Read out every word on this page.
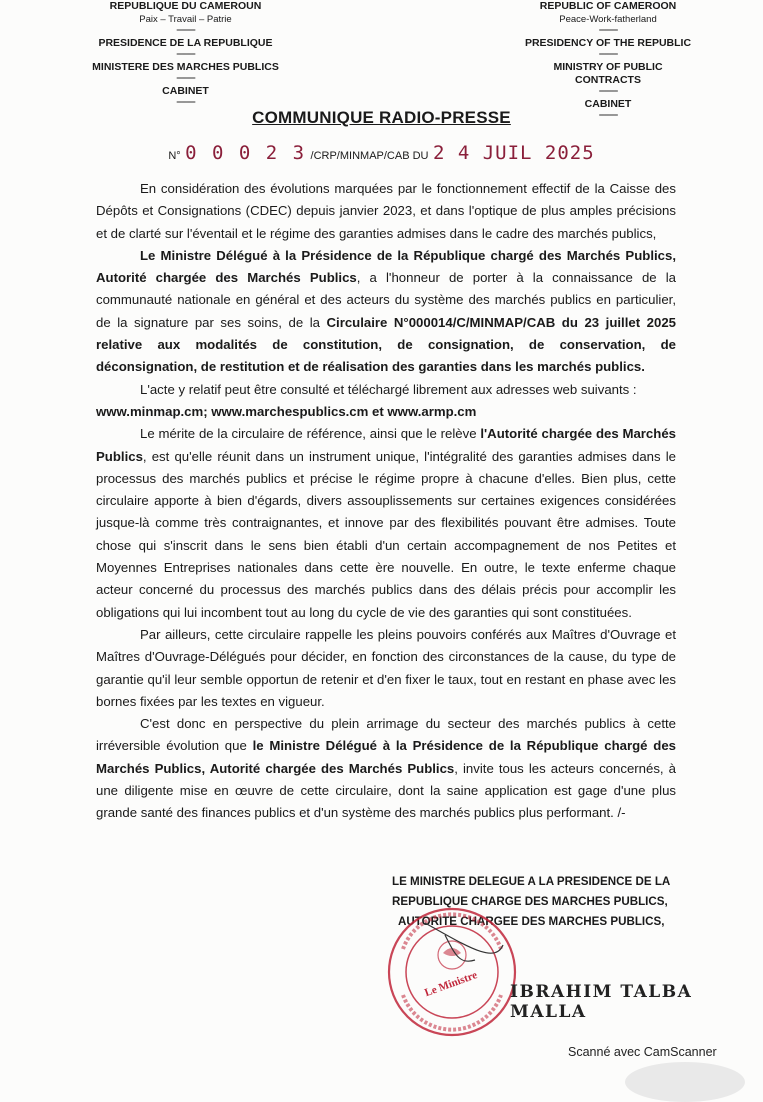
REPUBLIQUE DU CAMEROUN
Paix – Travail – Patrie
-----------
PRESIDENCE DE LA REPUBLIQUE
-----------
MINISTERE DES MARCHES PUBLICS
-----------
CABINET
-----------
REPUBLIC OF CAMEROON
Peace-Work-fatherland
-----------
PRESIDENCY OF THE REPUBLIC
-----------
MINISTRY OF PUBLIC CONTRACTS
-----------
CABINET
-----------
COMMUNIQUE RADIO-PRESSE
N° 0 0 0 2 3 /CRP/MINMAP/CAB DU 2 4 JUIL 2025

En considération des évolutions marquées par le fonctionnement effectif de la Caisse des Dépôts et Consignations (CDEC) depuis janvier 2023, et dans l'optique de plus amples précisions et de clarté sur l'éventail et le régime des garanties admises dans le cadre des marchés publics,

Le Ministre Délégué à la Présidence de la République chargé des Marchés Publics, Autorité chargée des Marchés Publics, a l'honneur de porter à la connaissance de la communauté nationale en général et des acteurs du système des marchés publics en particulier, de la signature par ses soins, de la Circulaire N°000014/C/MINMAP/CAB du 23 juillet 2025 relative aux modalités de constitution, de consignation, de conservation, de déconsignation, de restitution et de réalisation des garanties dans les marchés publics.

L'acte y relatif peut être consulté et téléchargé librement aux adresses web suivants :

www.minmap.cm; www.marchespublics.cm et www.armp.cm

Le mérite de la circulaire de référence, ainsi que le relève l'Autorité chargée des Marchés Publics, est qu'elle réunit dans un instrument unique, l'intégralité des garanties admises dans le processus des marchés publics et précise le régime propre à chacune d'elles. Bien plus, cette circulaire apporte à bien d'égards, divers assouplissements sur certaines exigences considérées jusque-là comme très contraignantes, et innove par des flexibilités pouvant être admises. Toute chose qui s'inscrit dans le sens bien établi d'un certain accompagnement de nos Petites et Moyennes Entreprises nationales dans cette ère nouvelle. En outre, le texte enferme chaque acteur concerné du processus des marchés publics dans des délais précis pour accomplir les obligations qui lui incombent tout au long du cycle de vie des garanties qui sont constituées.

Par ailleurs, cette circulaire rappelle les pleins pouvoirs conférés aux Maîtres d'Ouvrage et Maîtres d'Ouvrage-Délégués pour décider, en fonction des circonstances de la cause, du type de garantie qu'il leur semble opportun de retenir et d'en fixer le taux, tout en restant en phase avec les bornes fixées par les textes en vigueur.

C'est donc en perspective du plein arrimage du secteur des marchés publics à cette irréversible évolution que le Ministre Délégué à la Présidence de la République chargé des Marchés Publics, Autorité chargée des Marchés Publics, invite tous les acteurs concernés, à une diligente mise en œuvre de cette circulaire, dont la saine application est gage d'une plus grande santé des finances publics et d'un système des marchés publics plus performant. /-

LE MINISTRE DELEGUE A LA PRESIDENCE DE LA
REPUBLIQUE CHARGE DES MARCHES PUBLICS,
AUTORITE CHARGEE DES MARCHES PUBLICS,
Le Ministre IBRAHIM TALBA MALLA
Scanné avec CamScanner
